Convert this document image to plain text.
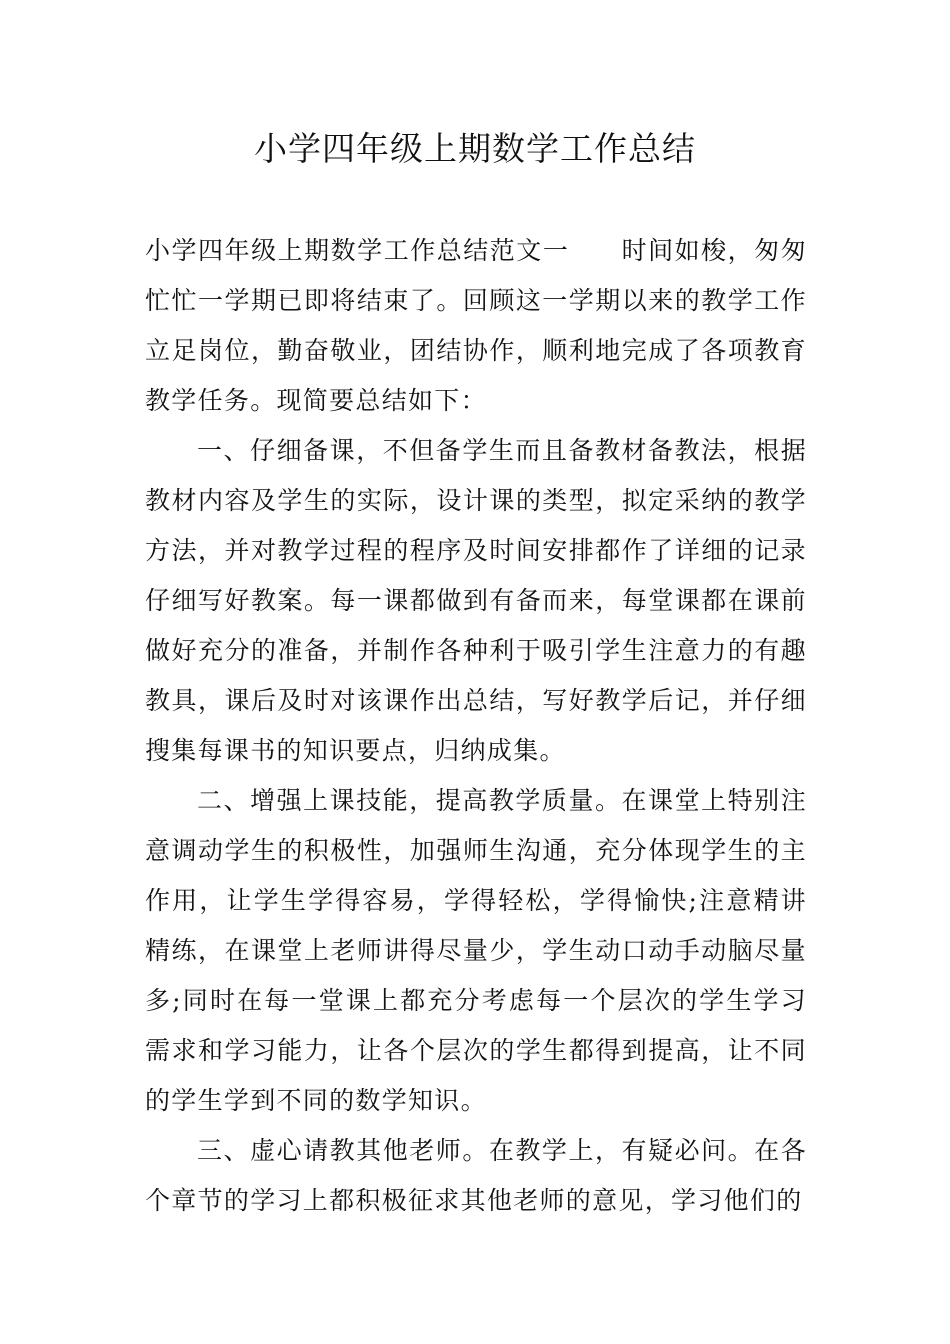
小学四年级上期数学工作总结

小学四年级上期数学工作总结范文一 时间如梭，匆匆忙忙一学期已即将结束了。回顾这一学期以来的教学工作立足岗位，勤奋敬业，团结协作，顺利地完成了各项教育教学任务。现简要总结如下：

一、仔细备课，不但备学生而且备教材备教法，根据教材内容及学生的实际，设计课的类型，拟定采纳的教学方法，并对教学过程的程序及时间安排都作了详细的记录仔细写好教案。每一课都做到有备而来，每堂课都在课前做好充分的准备，并制作各种利于吸引学生注意力的有趣教具，课后及时对该课作出总结，写好教学后记，并仔细搜集每课书的知识要点，归纳成集。

二、增强上课技能，提高教学质量。在课堂上特别注意调动学生的积极性，加强师生沟通，充分体现学生的主作用，让学生学得容易，学得轻松，学得愉快;注意精讲精练，在课堂上老师讲得尽量少，学生动口动手动脑尽量多;同时在每一堂课上都充分考虑每一个层次的学生学习需求和学习能力，让各个层次的学生都得到提高，让不同的学生学到不同的数学知识。

三、虚心请教其他老师。在教学上，有疑必问。在各个章节的学习上都积极征求其他老师的意见，学习他们的
